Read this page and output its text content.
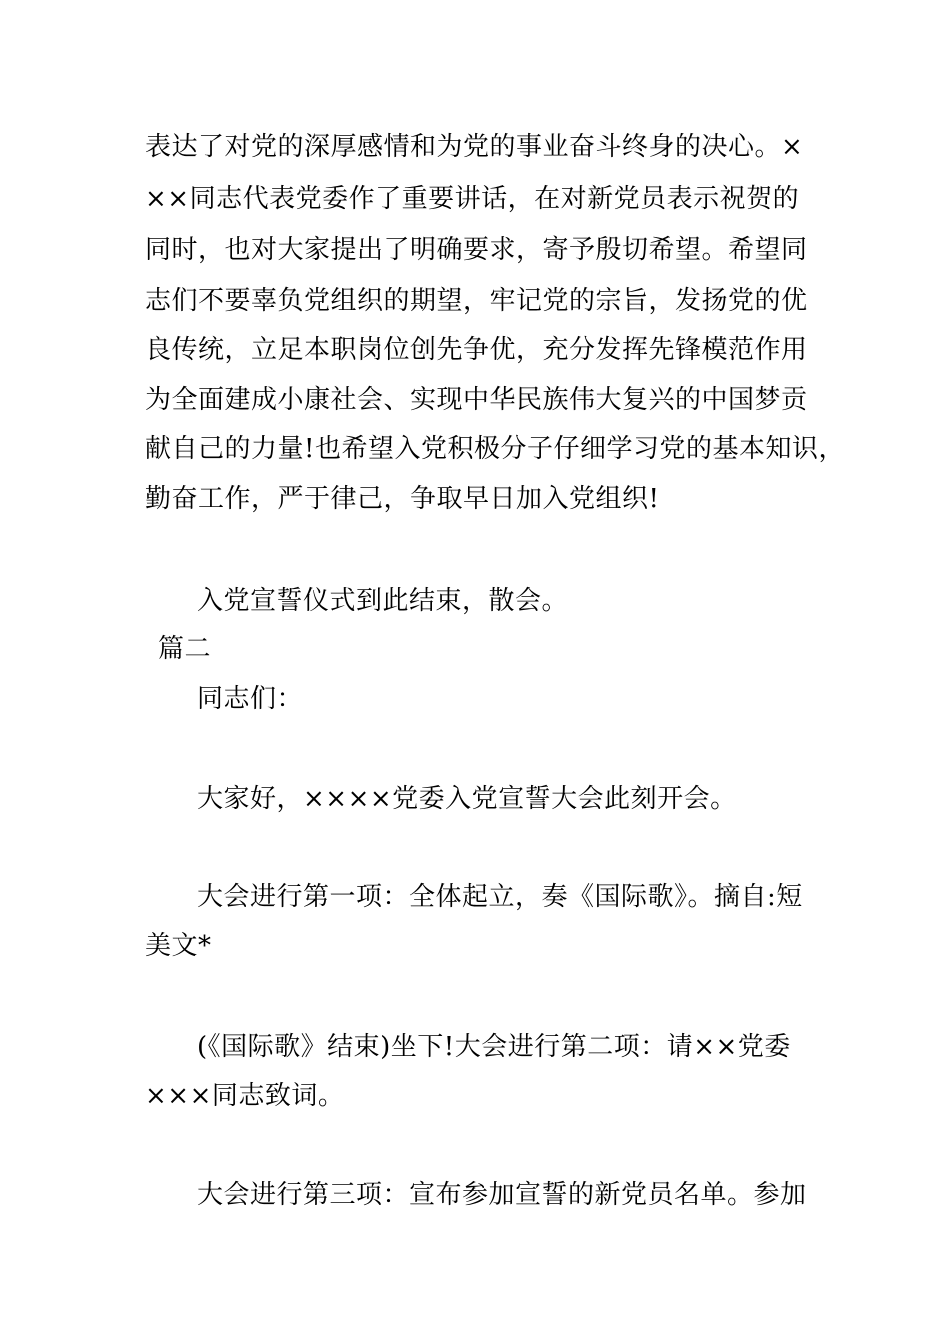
表达了对党的深厚感情和为党的事业奋斗终身的决心。×
××同志代表党委作了重要讲话，在对新党员表示祝贺的
同时，也对大家提出了明确要求，寄予殷切希望。希望同
志们不要辜负党组织的期望，牢记党的宗旨，发扬党的优
良传统，立足本职岗位创先争优，充分发挥先锋模范作用
为全面建成小康社会、实现中华民族伟大复兴的中国梦贡
献自己的力量!也希望入党积极分子仔细学习党的基本知识，
勤奋工作，严于律己，争取早日加入党组织!
入党宣誓仪式到此结束，散会。
篇二
同志们：
大家好，××××党委入党宣誓大会此刻开会。
大会进行第一项：全体起立，奏《国际歌》。摘自:短
美文*
(《国际歌》结束)坐下!大会进行第二项：请××党委
×××同志致词。
大会进行第三项：宣布参加宣誓的新党员名单。参加
